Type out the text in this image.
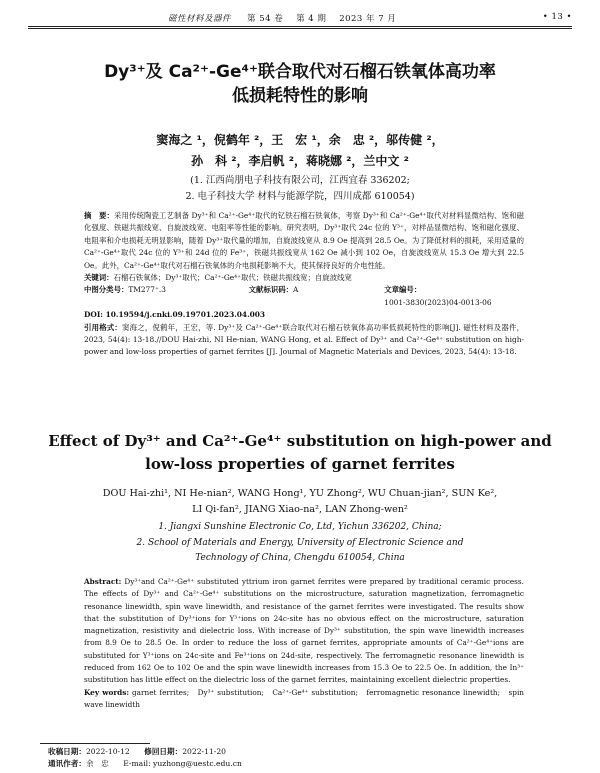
磁性材料及器件 第 54 卷 第 4 期 2023 年 7 月	• 13 •
Dy³⁺及 Ca²⁺-Ge⁴⁺联合取代对石榴石铁氧体高功率
低损耗特性的影响
窦海之 ¹，倪鹤年 ²，王　宏 ¹，余　忠 ²，邬传健 ²，
孙　科 ²，李启帆 ²，蒋晓娜 ²，兰中文 ²
(1. 江西尚朋电子科技有限公司，江西宜春 336202;
2. 电子科技大学 材料与能源学院，四川成都 610054)
摘　要：采用传统陶瓷工艺制备 Dy³⁺和 Ca²⁺-Ge⁴⁺取代的钇铁石榴石铁氧体，考察 Dy³⁺和 Ca²⁺-Ge⁴⁺取代对材料显微结构、饱和磁化强度、铁磁共振线宽、自旋波线宽、电阻率等性能的影响。研究表明，Dy³⁺取代 24c 位的 Y³⁺，对样品显微结构、饱和磁化强度、电阻率和介电损耗无明显影响，随着 Dy³⁺取代量的增加，自旋波线宽从 8.9 Oe 提高到 28.5 Oe。为了降低材料的损耗，采用适量的 Ca²⁺-Ge⁴⁺取代 24c 位的 Y³⁺和 24d 位的 Fe³⁺，铁磁共振线宽从 162 Oe 减小到 102 Oe，自旋波线宽从 15.3 Oe 增大到 22.5 Oe。此外，Ca²⁺-Ge⁴⁺取代对石榴石铁氧体的介电损耗影响不大，使其保持良好的介电性能。
关键词：石榴石铁氧体；Dy³⁺取代；Ca²⁺-Ge⁴⁺取代；铁磁共振线宽；自旋波线宽
中图分类号：TM277⁺.3	文献标识码：A	文章编号：1001-3830(2023)04-0013-06
DOI: 10.19594/j.cnki.09.19701.2023.04.003
引用格式：窦海之，倪鹤年，王宏，等. Dy³⁺及 Ca²⁺-Ge⁴⁺联合取代对石榴石铁氧体高功率低损耗特性的影响[J]. 磁性材料及器件，2023, 54(4): 13-18.//DOU Hai-zhi, NI He-nian, WANG Hong, et al. Effect of Dy³⁺ and Ca²⁺-Ge⁴⁺ substitution on high-power and low-loss properties of garnet ferrites [J]. Journal of Magnetic Materials and Devices, 2023, 54(4): 13-18.
Effect of Dy³⁺ and Ca²⁺-Ge⁴⁺ substitution on high-power and
low-loss properties of garnet ferrites
DOU Hai-zhi¹, NI He-nian², WANG Hong¹, YU Zhong², WU Chuan-jian², SUN Ke²,
LI Qi-fan², JIANG Xiao-na², LAN Zhong-wen²
1. Jiangxi Sunshine Electronic Co, Ltd, Yichun 336202, China;
2. School of Materials and Energy, University of Electronic Science and
Technology of China, Chengdu 610054, China
Abstract: Dy³⁺and Ca²⁺-Ge⁴⁺ substituted yttrium iron garnet ferrites were prepared by traditional ceramic process. The effects of Dy³⁺ and Ca²⁺-Ge⁴⁺ substitutions on the microstructure, saturation magnetization, ferromagnetic resonance linewidth, spin wave linewidth, and resistance of the garnet ferrites were investigated. The results show that the substitution of Dy³⁺ions for Y³⁺ions on 24c-site has no obvious effect on the microstructure, saturation magnetization, resistivity and dielectric loss. With increase of Dy³⁺ substitution, the spin wave linewidth increases from 8.9 Oe to 28.5 Oe. In order to reduce the loss of garnet ferrites, appropriate amounts of Ca²⁺-Ge⁴⁺ions are substituted for Y³⁺ions on 24c-site and Fe³⁺ions on 24d-site, respectively. The ferromagnetic resonance linewidth is reduced from 162 Oe to 102 Oe and the spin wave linewidth increases from 15.3 Oe to 22.5 Oe. In addition, the In³⁺ substitution has little effect on the dielectric loss of the garnet ferrites, maintaining excellent dielectric properties.
Key words: garnet ferrites;　Dy³⁺ substitution;　Ca²⁺-Ge⁴⁺ substitution;　ferromagnetic resonance linewidth;　spin wave linewidth
收稿日期：2022-10-12 修回日期：2022-11-20
通讯作者：余　忠 E-mail: yuzhong@uestc.edu.cn
